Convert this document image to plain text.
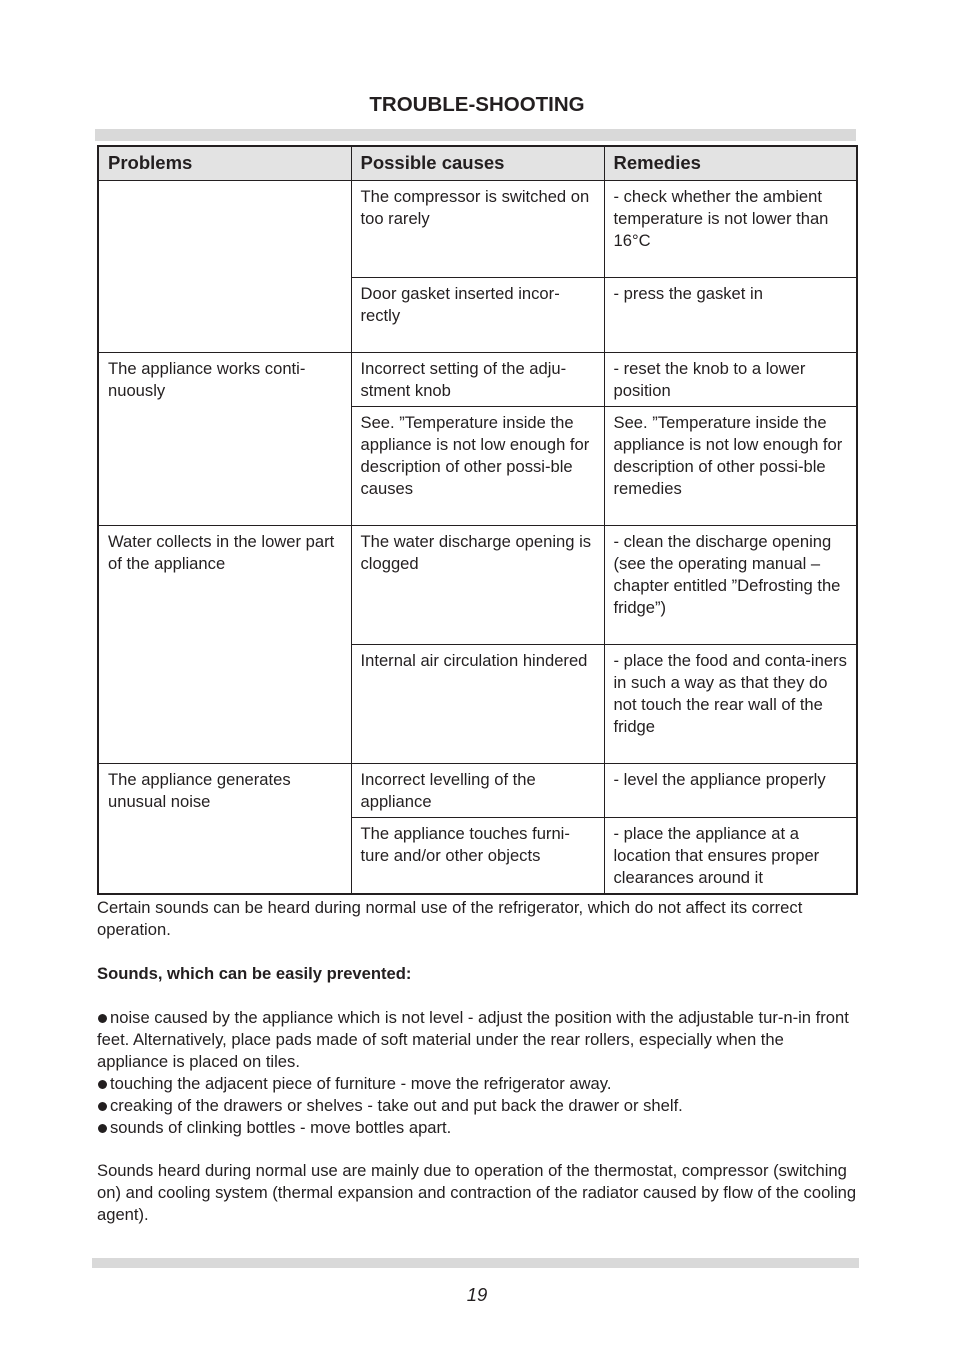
TROUBLE-SHOOTING
Problems	Possible causes	Remedies
	The compressor is switched on too rarely	- check whether the ambient temperature is not lower than 16°C
	Door gasket inserted incor-rectly	- press the gasket in
The appliance works conti-nuously	Incorrect setting of the adju-stment knob	- reset the knob to a lower position
	See. ”Temperature inside the appliance is not low enough for description of other possi-ble causes	See. ”Temperature inside the appliance is not low enough for description of other possi-ble remedies
Water collects in the lower part of the appliance	The water discharge opening is clogged	- clean the discharge opening (see the operating manual – chapter entitled ”Defrosting the fridge”)
	Internal air circulation hindered	- place the food and conta-iners in such a way as that they do not touch the rear wall of the fridge
The appliance generates unusual noise	Incorrect levelling of the appliance	- level the appliance properly
	The appliance touches furni-ture and/or other objects	- place the appliance at a location that ensures proper clearances around it

Certain sounds can be heard during normal use of the refrigerator, which do not affect its correct operation.

Sounds, which can be easily prevented:

noise caused by the appliance which is not level - adjust the position with the adjustable tur-n-in front feet. Alternatively, place pads made of soft material under the rear rollers, especially when the appliance is placed on tiles.
touching the adjacent piece of furniture - move the refrigerator away.
creaking of the drawers or shelves - take out and put back the drawer or shelf.
sounds of clinking bottles - move bottles apart.

Sounds heard during normal use are mainly due to operation of the thermostat, compressor (switching on) and cooling system (thermal expansion and contraction of the radiator caused by flow of the cooling agent).

19
